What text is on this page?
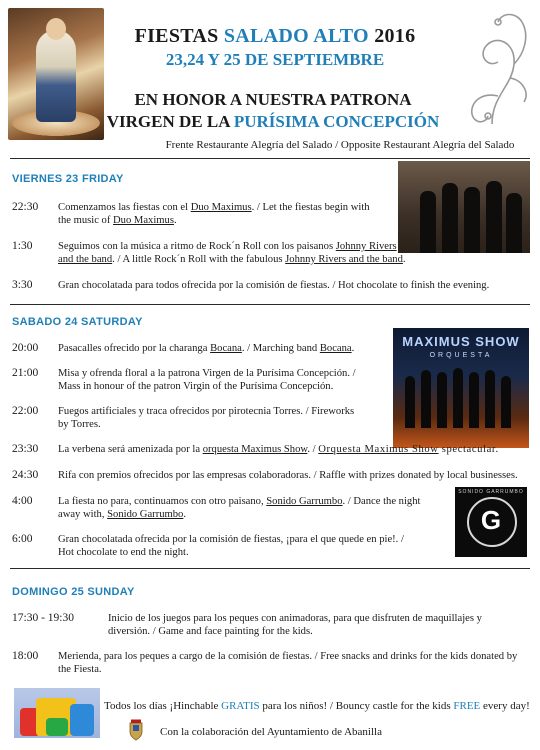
FIESTAS SALADO ALTO 2016
23,24 Y 25 DE SEPTIEMBRE
EN HONOR A NUESTRA PATRONA
VIRGEN DE LA PURÍSIMA CONCEPCIÓN
Frente Restaurante Alegría del Salado / Opposite Restaurant Alegría del Salado
VIERNES 23 FRIDAY
22:30 Comenzamos las fiestas con el Duo Maximus. / Let the fiestas begin with
the music of Duo Maximus.
1:30 Seguimos con la música a ritmo de Rock´n Roll con los paisanos Johnny Rivers
and the band. / A little Rock´n Roll with the fabulous Johnny Rivers and the band.
3:30 Gran chocolatada para todos ofrecida por la comisión de fiestas. / Hot chocolate to finish the evening.
SABADO 24 SATURDAY
MAXIMUS SHOW
ORQUESTA
20:00 Pasacalles ofrecido por la charanga Bocana. / Marching band Bocana.
21:00 Misa y ofrenda floral a la patrona Virgen de la Purísima Concepción. /
Mass in honour of the patron Virgin of the Purísima Concepción.
22:00 Fuegos artificiales y traca ofrecidos por pirotecnia Torres. / Fireworks
by Torres.
23:30 La verbena será amenizada por la orquesta Maximus Show. / Orquesta Maximus Show spectacular.
24:30 Rifa con premios ofrecidos por las empresas colaboradoras. / Raffle with prizes donated by local businesses.
G
SONIDO GARRUMBO
4:00 La fiesta no para, continuamos con otro paisano, Sonido Garrumbo. / Dance the night
away with, Sonido Garrumbo.
6:00 Gran chocolatada ofrecida por la comisión de fiestas, ¡para el que quede en pie!. /
Hot chocolate to end the night.
DOMINGO 25 SUNDAY
17:30 - 19:30	Inicio de los juegos para los peques con animadoras, para que disfruten de maquillajes y
diversión. / Game and face painting for the kids.
18:00 Merienda, para los peques a cargo de la comisión de fiestas. / Free snacks and drinks for the kids donated by
the Fiesta.
Todos los días ¡Hinchable GRATIS para los niños! / Bouncy castle for the kids FREE every day!
Con la colaboración del Ayuntamiento de Abanilla
